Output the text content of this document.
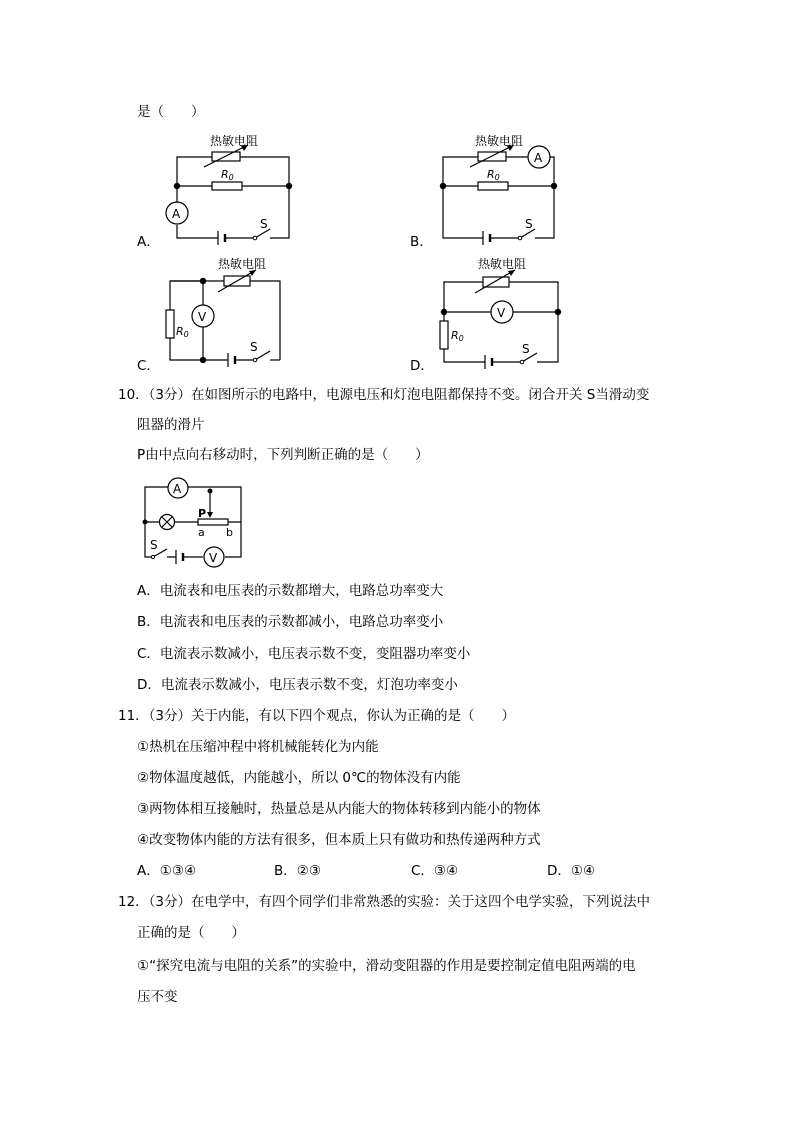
是（　　）
热敏电阻
R0
A
S
A．
热敏电阻
R0
A
S
B．
热敏电阻
V
R0
S
C．
热敏电阻
V
R0
S
D．
10．（3分）在如图所示的电路中，电源电压和灯泡电阻都保持不变。闭合开关 S当滑动变
阻器的滑片
P由中点向右移动时，下列判断正确的是（　　）
A
P
a b
S
V
A．电流表和电压表的示数都增大，电路总功率变大
B．电流表和电压表的示数都减小，电路总功率变小
C．电流表示数减小，电压表示数不变，变阻器功率变小
D．电流表示数减小，电压表示数不变，灯泡功率变小
11．（3分）关于内能，有以下四个观点，你认为正确的是（　　）
①热机在压缩冲程中将机械能转化为内能
②物体温度越低，内能越小，所以 0℃的物体没有内能
③两物体相互接触时，热量总是从内能大的物体转移到内能小的物体
④改变物体内能的方法有很多，但本质上只有做功和热传递两种方式
A．①③④	B．②③	C．③④	D．①④
12．（3分）在电学中，有四个同学们非常熟悉的实验：关于这四个电学实验，下列说法中
正确的是（　　）
①“探究电流与电阻的关系”的实验中，滑动变阻器的作用是要控制定值电阻两端的电
压不变
